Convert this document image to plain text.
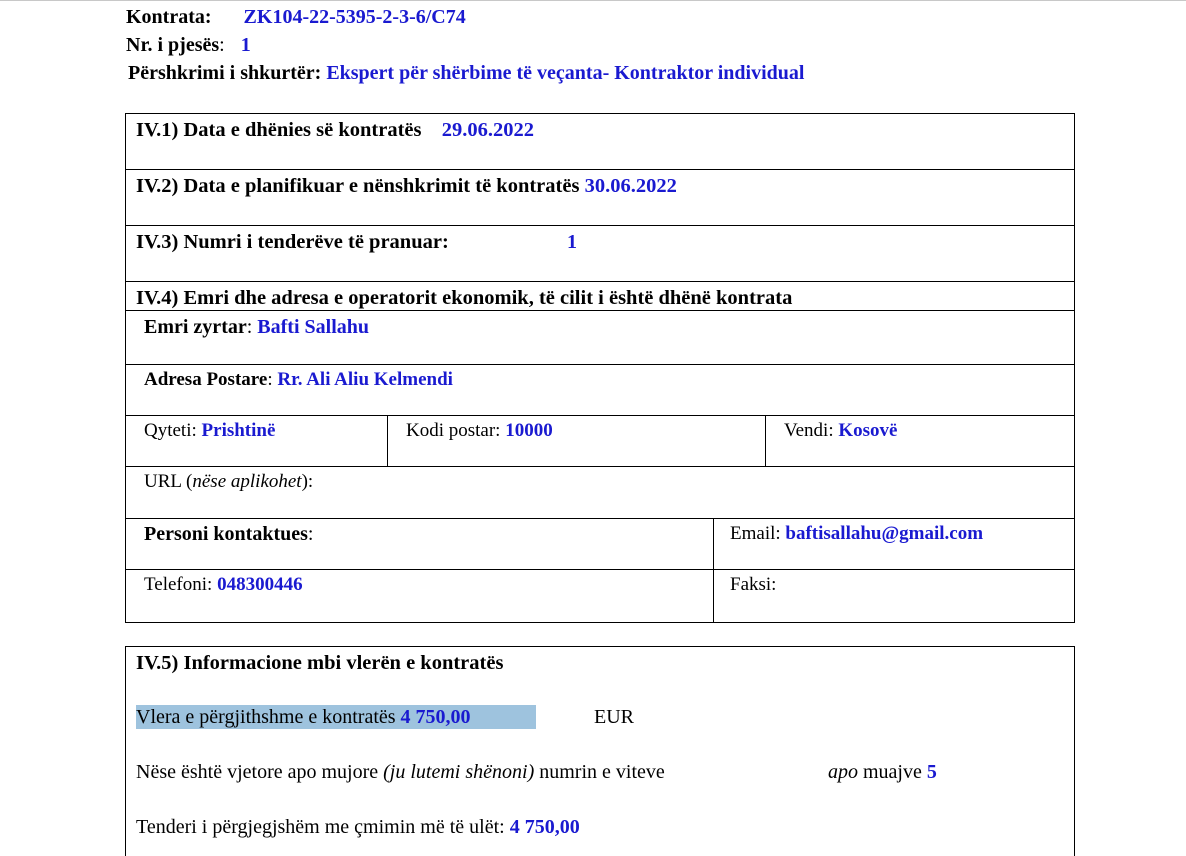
Kontrata: ZK104-22-5395-2-3-6/C74
Nr. i pjesës: 1
Përshkrimi i shkurtër: Ekspert për shërbime të veçanta- Kontraktor individual
IV.1) Data e dhënies së kontratës 29.06.2022
IV.2) Data e planifikuar e nënshkrimit të kontratës 30.06.2022
IV.3) Numri i tenderëve të pranuar:	1
IV.4) Emri dhe adresa e operatorit ekonomik, të cilit i është dhënë kontrata
Emri zyrtar: Bafti Sallahu
Adresa Postare: Rr. Ali Aliu Kelmendi
Qyteti: Prishtinë	Kodi postar: 10000	Vendi: Kosovë
URL (nëse aplikohet):
Personi kontaktues:	Email: baftisallahu@gmail.com
Telefoni: 048300446	Faksi:
IV.5) Informacione mbi vlerën e kontratës
Vlera e përgjithshme e kontratës 4 750,00	EUR
Nëse është vjetore apo mujore (ju lutemi shënoni) numrin e viteve	apo muajve 5
Tenderi i përgjegjshëm me çmimin më të ulët: 4 750,00
